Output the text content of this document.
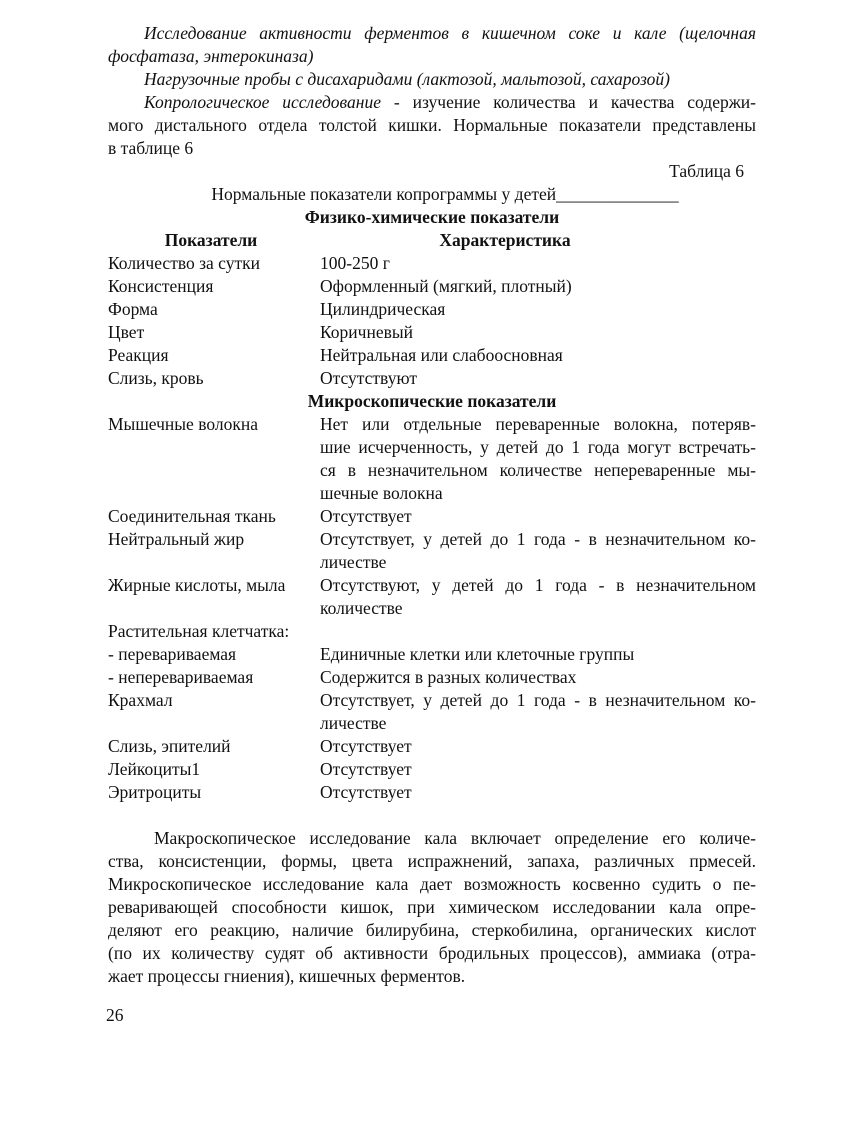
Исследование активности ферментов в кишечном соке и кале (щелочная
фосфатаза, энтерокиназа)
Нагрузочные пробы с дисахаридами (лактозой, мальтозой, сахарозой)
Копрологическое исследование - изучение количества и качества содержи-
мого дистального отдела толстой кишки. Нормальные показатели представлены
в таблице 6
Таблица 6
Нормальные показатели копрограммы у детей______________
Физико-химические показатели
Показатели	Характеристика
Количество за сутки	100-250 г
Консистенция	Оформленный (мягкий, плотный)
Форма	Цилиндрическая
Цвет	Коричневый
Реакция	Нейтральная или слабоосновная
Слизь, кровь	Отсутствуют
Микроскопические показатели
Мышечные волокна	Нет или отдельные переваренные волокна, потеряв-
шие исчерченность, у детей до 1 года могут встречать-
ся в незначительном количестве непереваренные мы-
шечные волокна
Соединительная ткань	Отсутствует
Нейтральный жир	Отсутствует, у детей до 1 года - в незначительном ко-
личестве
Жирные кислоты, мыла	Отсутствуют, у детей до 1 года - в незначительном
количестве
Растительная клетчатка:

- перевариваемая	Единичные клетки или клеточные группы
- неперевариваемая	Содержится в разных количествах
Крахмал	Отсутствует, у детей до 1 года - в незначительном ко-
личестве
Слизь, эпителий	Отсутствует
Лейкоциты1	Отсутствует
Эритроциты	Отсутствует
Макроскопическое исследование кала включает определение его количе-
ства, консистенции, формы, цвета испражнений, запаха, различных прмесей.
Микроскопическое исследование кала дает возможность косвенно судить о пе-
реваривающей способности кишок, при химическом исследовании кала опре-
деляют его реакцию, наличие билирубина, стеркобилина, органических кислот
(по их количеству судят об активности бродильных процессов), аммиака (отра-
жает процессы гниения), кишечных ферментов.
26
